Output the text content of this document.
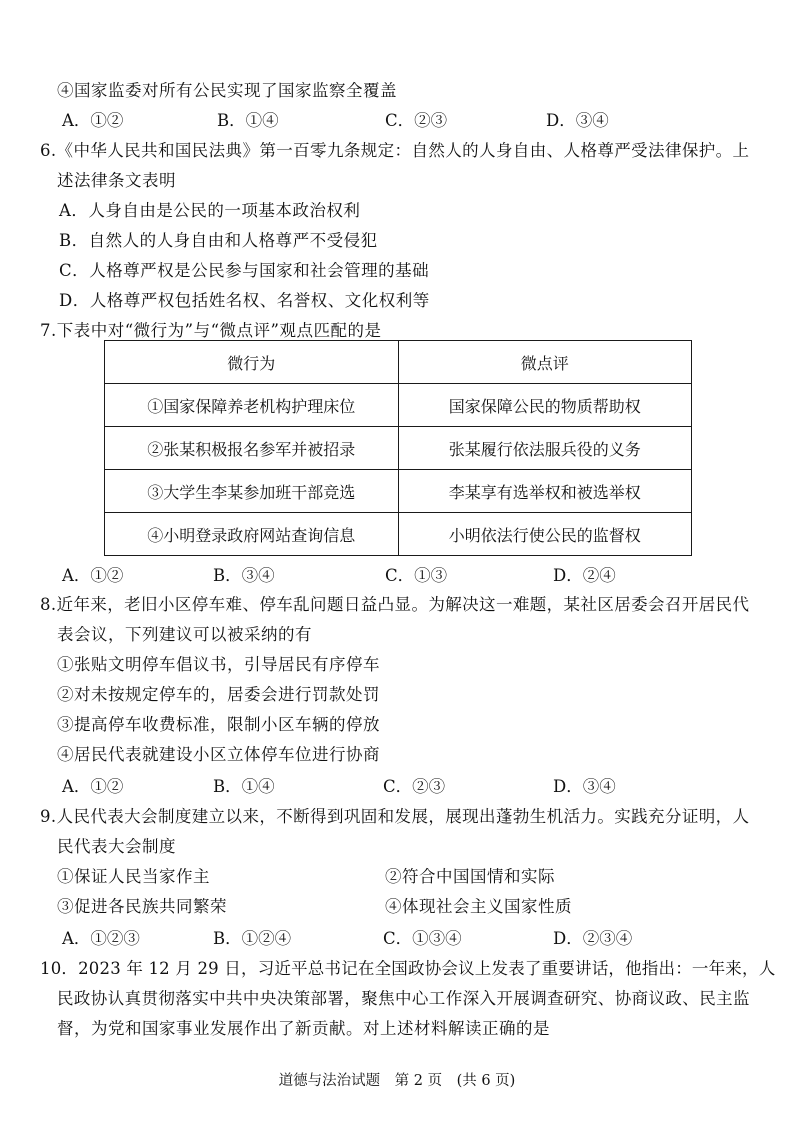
④国家监委对所有公民实现了国家监察全覆盖
A．①②	B．①④	C．②③	D．③④
6.《中华人民共和国民法典》第一百零九条规定：自然人的人身自由、人格尊严受法律保护。上
述法律条文表明
A．人身自由是公民的一项基本政治权利
B．自然人的人身自由和人格尊严不受侵犯
C．人格尊严权是公民参与国家和社会管理的基础
D．人格尊严权包括姓名权、名誉权、文化权利等
7.下表中对“微行为”与“微点评”观点匹配的是
微行为	微点评
①国家保障养老机构护理床位	国家保障公民的物质帮助权
②张某积极报名参军并被招录	张某履行依法服兵役的义务
③大学生李某参加班干部竞选	李某享有选举权和被选举权
④小明登录政府网站查询信息	小明依法行使公民的监督权
A．①②	B．③④	C．①③	D．②④
8.近年来，老旧小区停车难、停车乱问题日益凸显。为解决这一难题，某社区居委会召开居民代
表会议，下列建议可以被采纳的有
①张贴文明停车倡议书，引导居民有序停车
②对未按规定停车的，居委会进行罚款处罚
③提高停车收费标准，限制小区车辆的停放
④居民代表就建设小区立体停车位进行协商
A．①②	B．①④	C．②③	D．③④
9.人民代表大会制度建立以来，不断得到巩固和发展，展现出蓬勃生机活力。实践充分证明，人
民代表大会制度
①保证人民当家作主	②符合中国国情和实际
③促进各民族共同繁荣	④体现社会主义国家性质
A．①②③	B．①②④	C．①③④	D．②③④
10．2023 年 12 月 29 日，习近平总书记在全国政协会议上发表了重要讲话，他指出：一年来，人
民政协认真贯彻落实中共中央决策部署，聚焦中心工作深入开展调查研究、协商议政、民主监
督，为党和国家事业发展作出了新贡献。对上述材料解读正确的是
道德与法治试题　第 2 页　(共 6 页)
